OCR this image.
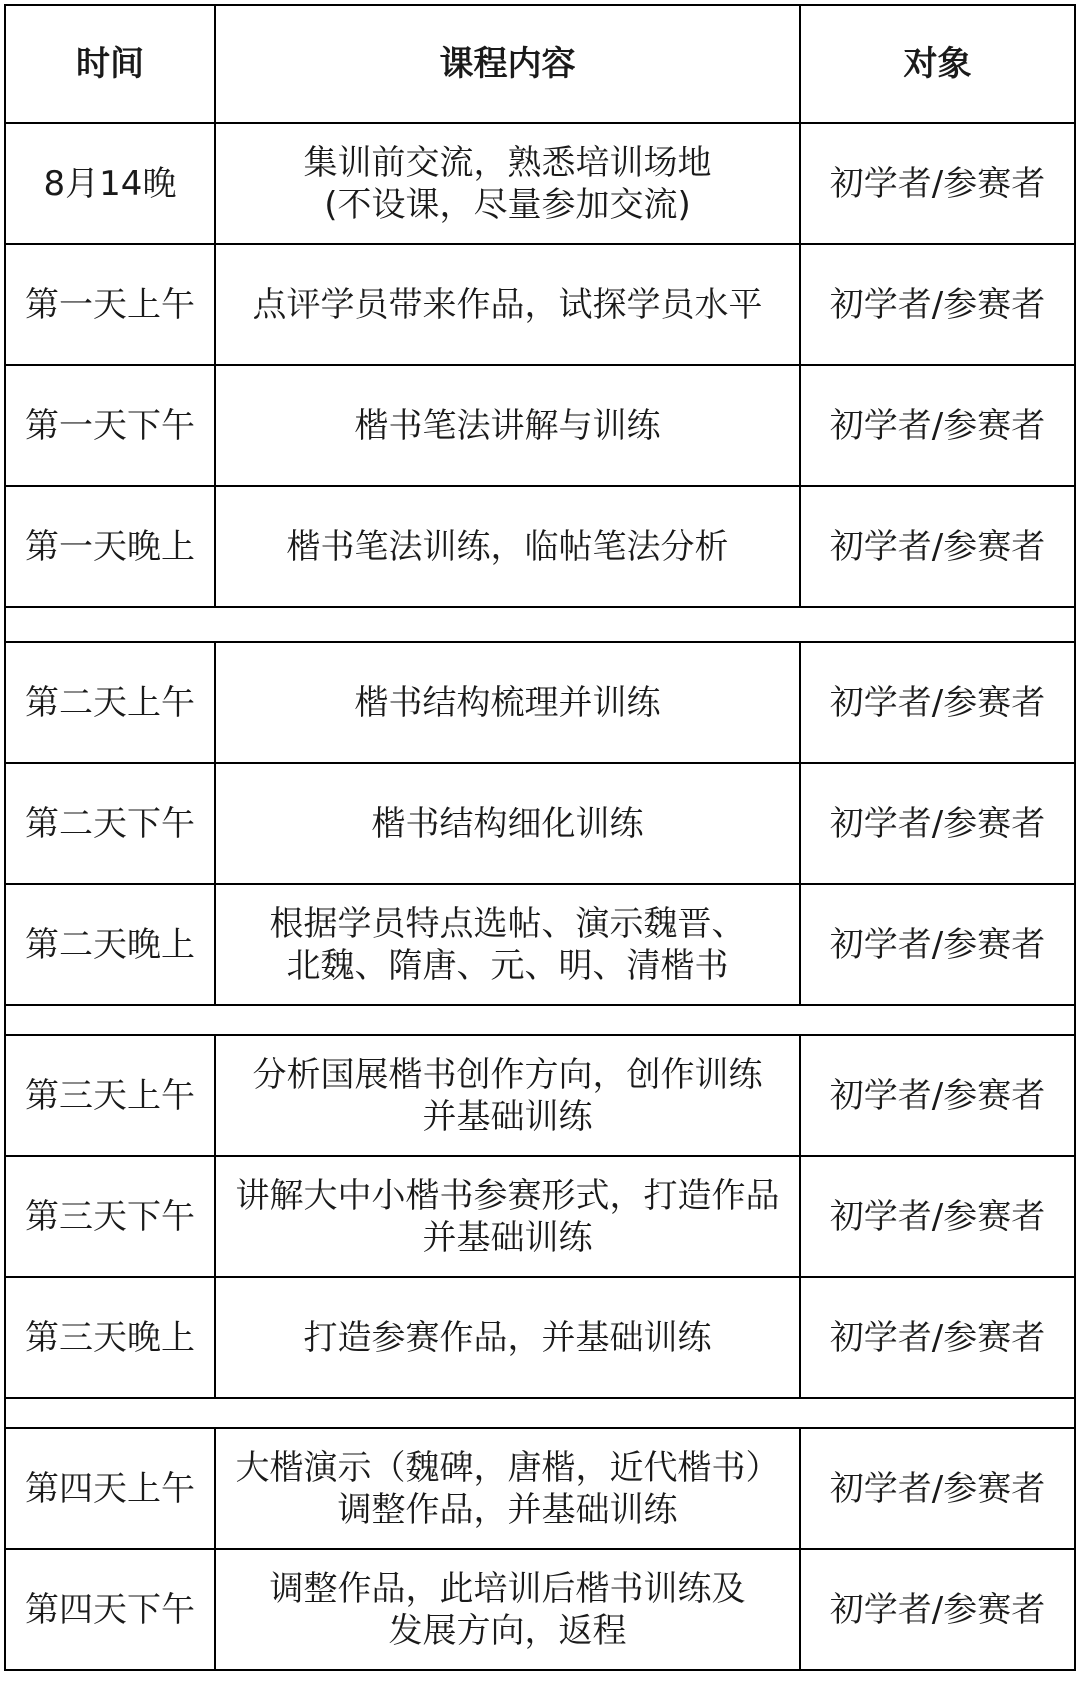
时间	课程内容	对象
8月14晚	集训前交流，熟悉培训场地
(不设课，尽量参加交流)	初学者/参赛者
第一天上午	点评学员带来作品，试探学员水平	初学者/参赛者
第一天下午	楷书笔法讲解与训练	初学者/参赛者
第一天晚上	楷书笔法训练，临帖笔法分析	初学者/参赛者

第二天上午	楷书结构梳理并训练	初学者/参赛者
第二天下午	楷书结构细化训练	初学者/参赛者
第二天晚上	根据学员特点选帖、演示魏晋、
北魏、隋唐、元、明、清楷书	初学者/参赛者

第三天上午	分析国展楷书创作方向，创作训练
并基础训练	初学者/参赛者
第三天下午	讲解大中小楷书参赛形式，打造作品
并基础训练	初学者/参赛者
第三天晚上	打造参赛作品，并基础训练	初学者/参赛者

第四天上午	大楷演示（魏碑，唐楷，近代楷书）
调整作品，并基础训练	初学者/参赛者
第四天下午	调整作品，此培训后楷书训练及
发展方向，返程	初学者/参赛者
